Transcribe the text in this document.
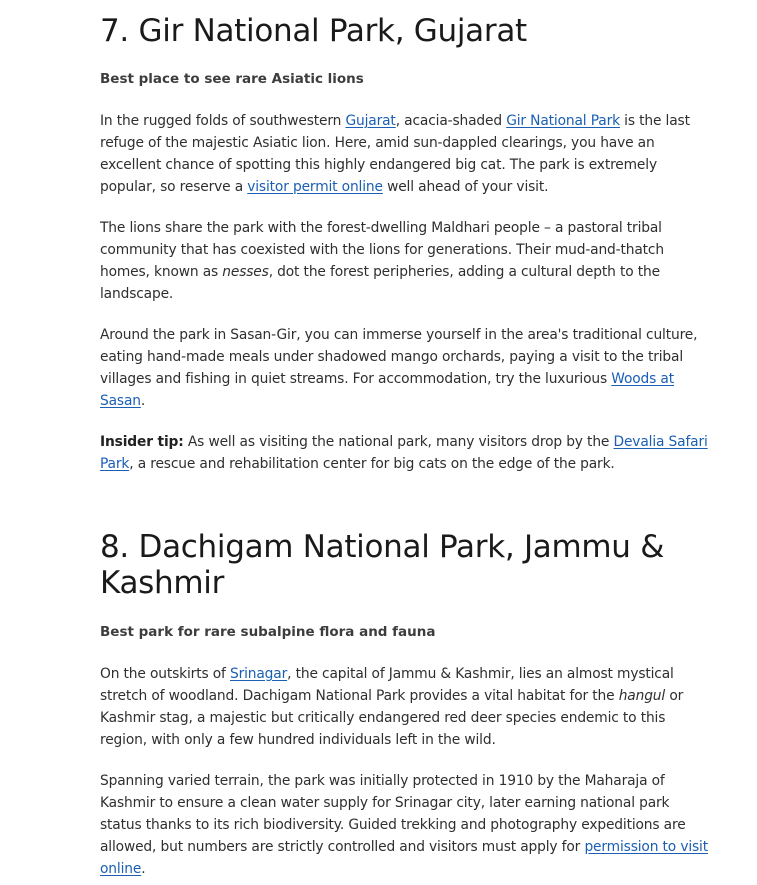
7. Gir National Park, Gujarat
Best place to see rare Asiatic lions

In the rugged folds of southwestern Gujarat, acacia-shaded Gir National Park is the last refuge of the majestic Asiatic lion. Here, amid sun-dappled clearings, you have an excellent chance of spotting this highly endangered big cat. The park is extremely popular, so reserve a visitor permit online well ahead of your visit.

The lions share the park with the forest-dwelling Maldhari people – a pastoral tribal community that has coexisted with the lions for generations. Their mud-and-thatch homes, known as nesses, dot the forest peripheries, adding a cultural depth to the landscape.

Around the park in Sasan-Gir, you can immerse yourself in the area's traditional culture, eating hand-made meals under shadowed mango orchards, paying a visit to the tribal villages and fishing in quiet streams. For accommodation, try the luxurious Woods at Sasan.

Insider tip: As well as visiting the national park, many visitors drop by the Devalia Safari Park, a rescue and rehabilitation center for big cats on the edge of the park.

8. Dachigam National Park, Jammu & Kashmir
Best park for rare subalpine flora and fauna

On the outskirts of Srinagar, the capital of Jammu & Kashmir, lies an almost mystical stretch of woodland. Dachigam National Park provides a vital habitat for the hangul or Kashmir stag, a majestic but critically endangered red deer species endemic to this region, with only a few hundred individuals left in the wild.

Spanning varied terrain, the park was initially protected in 1910 by the Maharaja of Kashmir to ensure a clean water supply for Srinagar city, later earning national park status thanks to its rich biodiversity. Guided trekking and photography expeditions are allowed, but numbers are strictly controlled and visitors must apply for permission to visit online.
